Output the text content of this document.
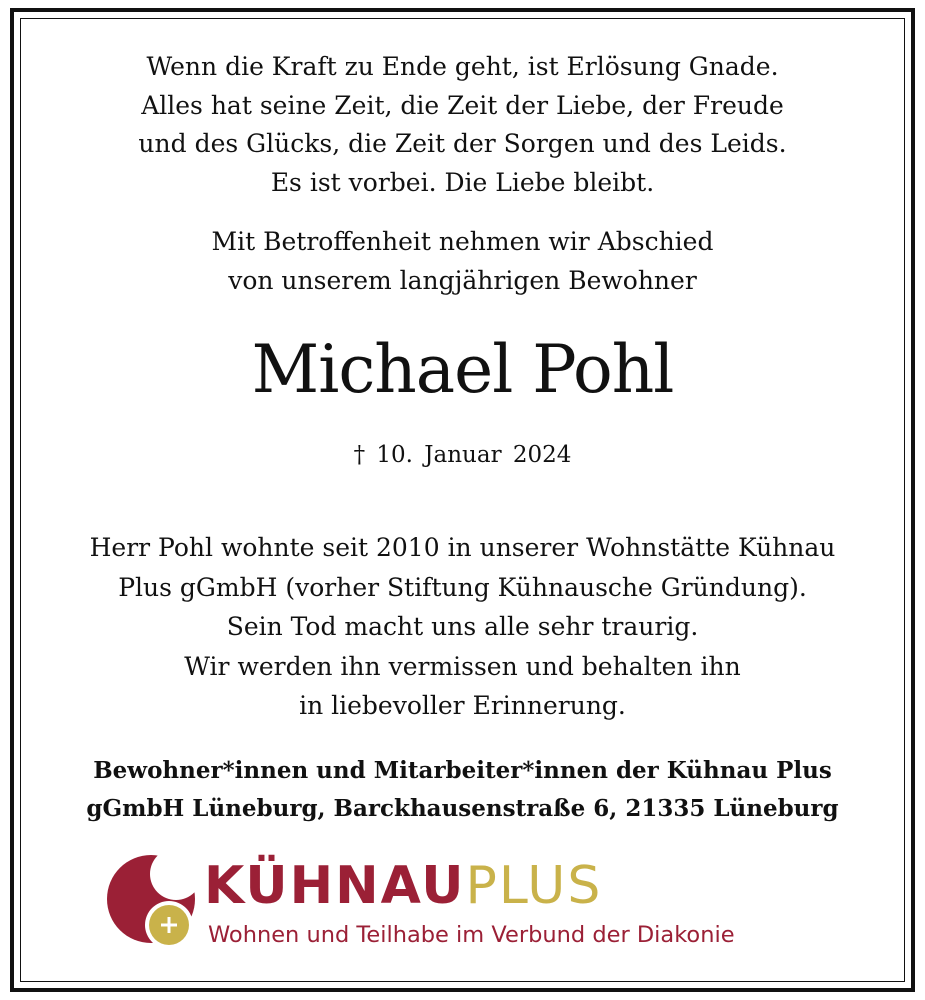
Wenn die Kraft zu Ende geht, ist Erlösung Gnade.
Alles hat seine Zeit, die Zeit der Liebe, der Freude
und des Glücks, die Zeit der Sorgen und des Leids.
Es ist vorbei. Die Liebe bleibt.
Mit Betroffenheit nehmen wir Abschied
von unserem langjährigen Bewohner
Michael Pohl
† 10. Januar 2024
Herr Pohl wohnte seit 2010 in unserer Wohnstätte Kühnau
Plus gGmbH (vorher Stiftung Kühnausche Gründung).
Sein Tod macht uns alle sehr traurig.
Wir werden ihn vermissen und behalten ihn
in liebevoller Erinnerung.
Bewohner*innen und Mitarbeiter*innen der Kühnau Plus
gGmbH Lüneburg, Barckhausenstraße 6, 21335 Lüneburg
KÜHNAUPLUS
Wohnen und Teilhabe im Verbund der Diakonie
